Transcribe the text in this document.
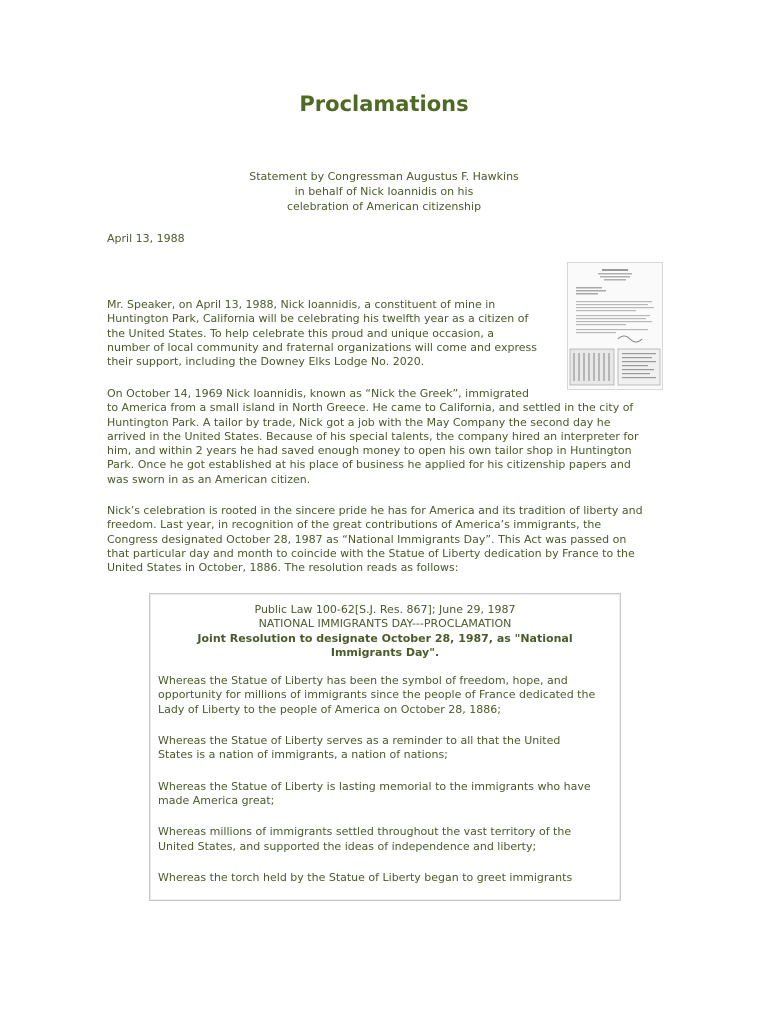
Proclamations
Statement by Congressman Augustus F. Hawkins
in behalf of Nick Ioannidis on his
celebration of American citizenship
April 13, 1988
Mr. Speaker, on April 13, 1988, Nick Ioannidis, a constituent of mine in
Huntington Park, California will be celebrating his twelfth year as a citizen of
the United States. To help celebrate this proud and unique occasion, a
number of local community and fraternal organizations will come and express
their support, including the Downey Elks Lodge No. 2020.
On October 14, 1969 Nick Ioannidis, known as “Nick the Greek”, immigrated
to America from a small island in North Greece. He came to California, and settled in the city of
Huntington Park. A tailor by trade, Nick got a job with the May Company the second day he
arrived in the United States. Because of his special talents, the company hired an interpreter for
him, and within 2 years he had saved enough money to open his own tailor shop in Huntington
Park. Once he got established at his place of business he applied for his citizenship papers and
was sworn in as an American citizen.
Nick’s celebration is rooted in the sincere pride he has for America and its tradition of liberty and
freedom. Last year, in recognition of the great contributions of America’s immigrants, the
Congress designated October 28, 1987 as “National Immigrants Day”. This Act was passed on
that particular day and month to coincide with the Statue of Liberty dedication by France to the
United States in October, 1886. The resolution reads as follows:
Public Law 100-62[S.J. Res. 867]; June 29, 1987
NATIONAL IMMIGRANTS DAY---PROCLAMATION
Joint Resolution to designate October 28, 1987, as "National
Immigrants Day".
Whereas the Statue of Liberty has been the symbol of freedom, hope, and
opportunity for millions of immigrants since the people of France dedicated the
Lady of Liberty to the people of America on October 28, 1886;
Whereas the Statue of Liberty serves as a reminder to all that the United
States is a nation of immigrants, a nation of nations;
Whereas the Statue of Liberty is lasting memorial to the immigrants who have
made America great;
Whereas millions of immigrants settled throughout the vast territory of the
United States, and supported the ideas of independence and liberty;
Whereas the torch held by the Statue of Liberty began to greet immigrants
